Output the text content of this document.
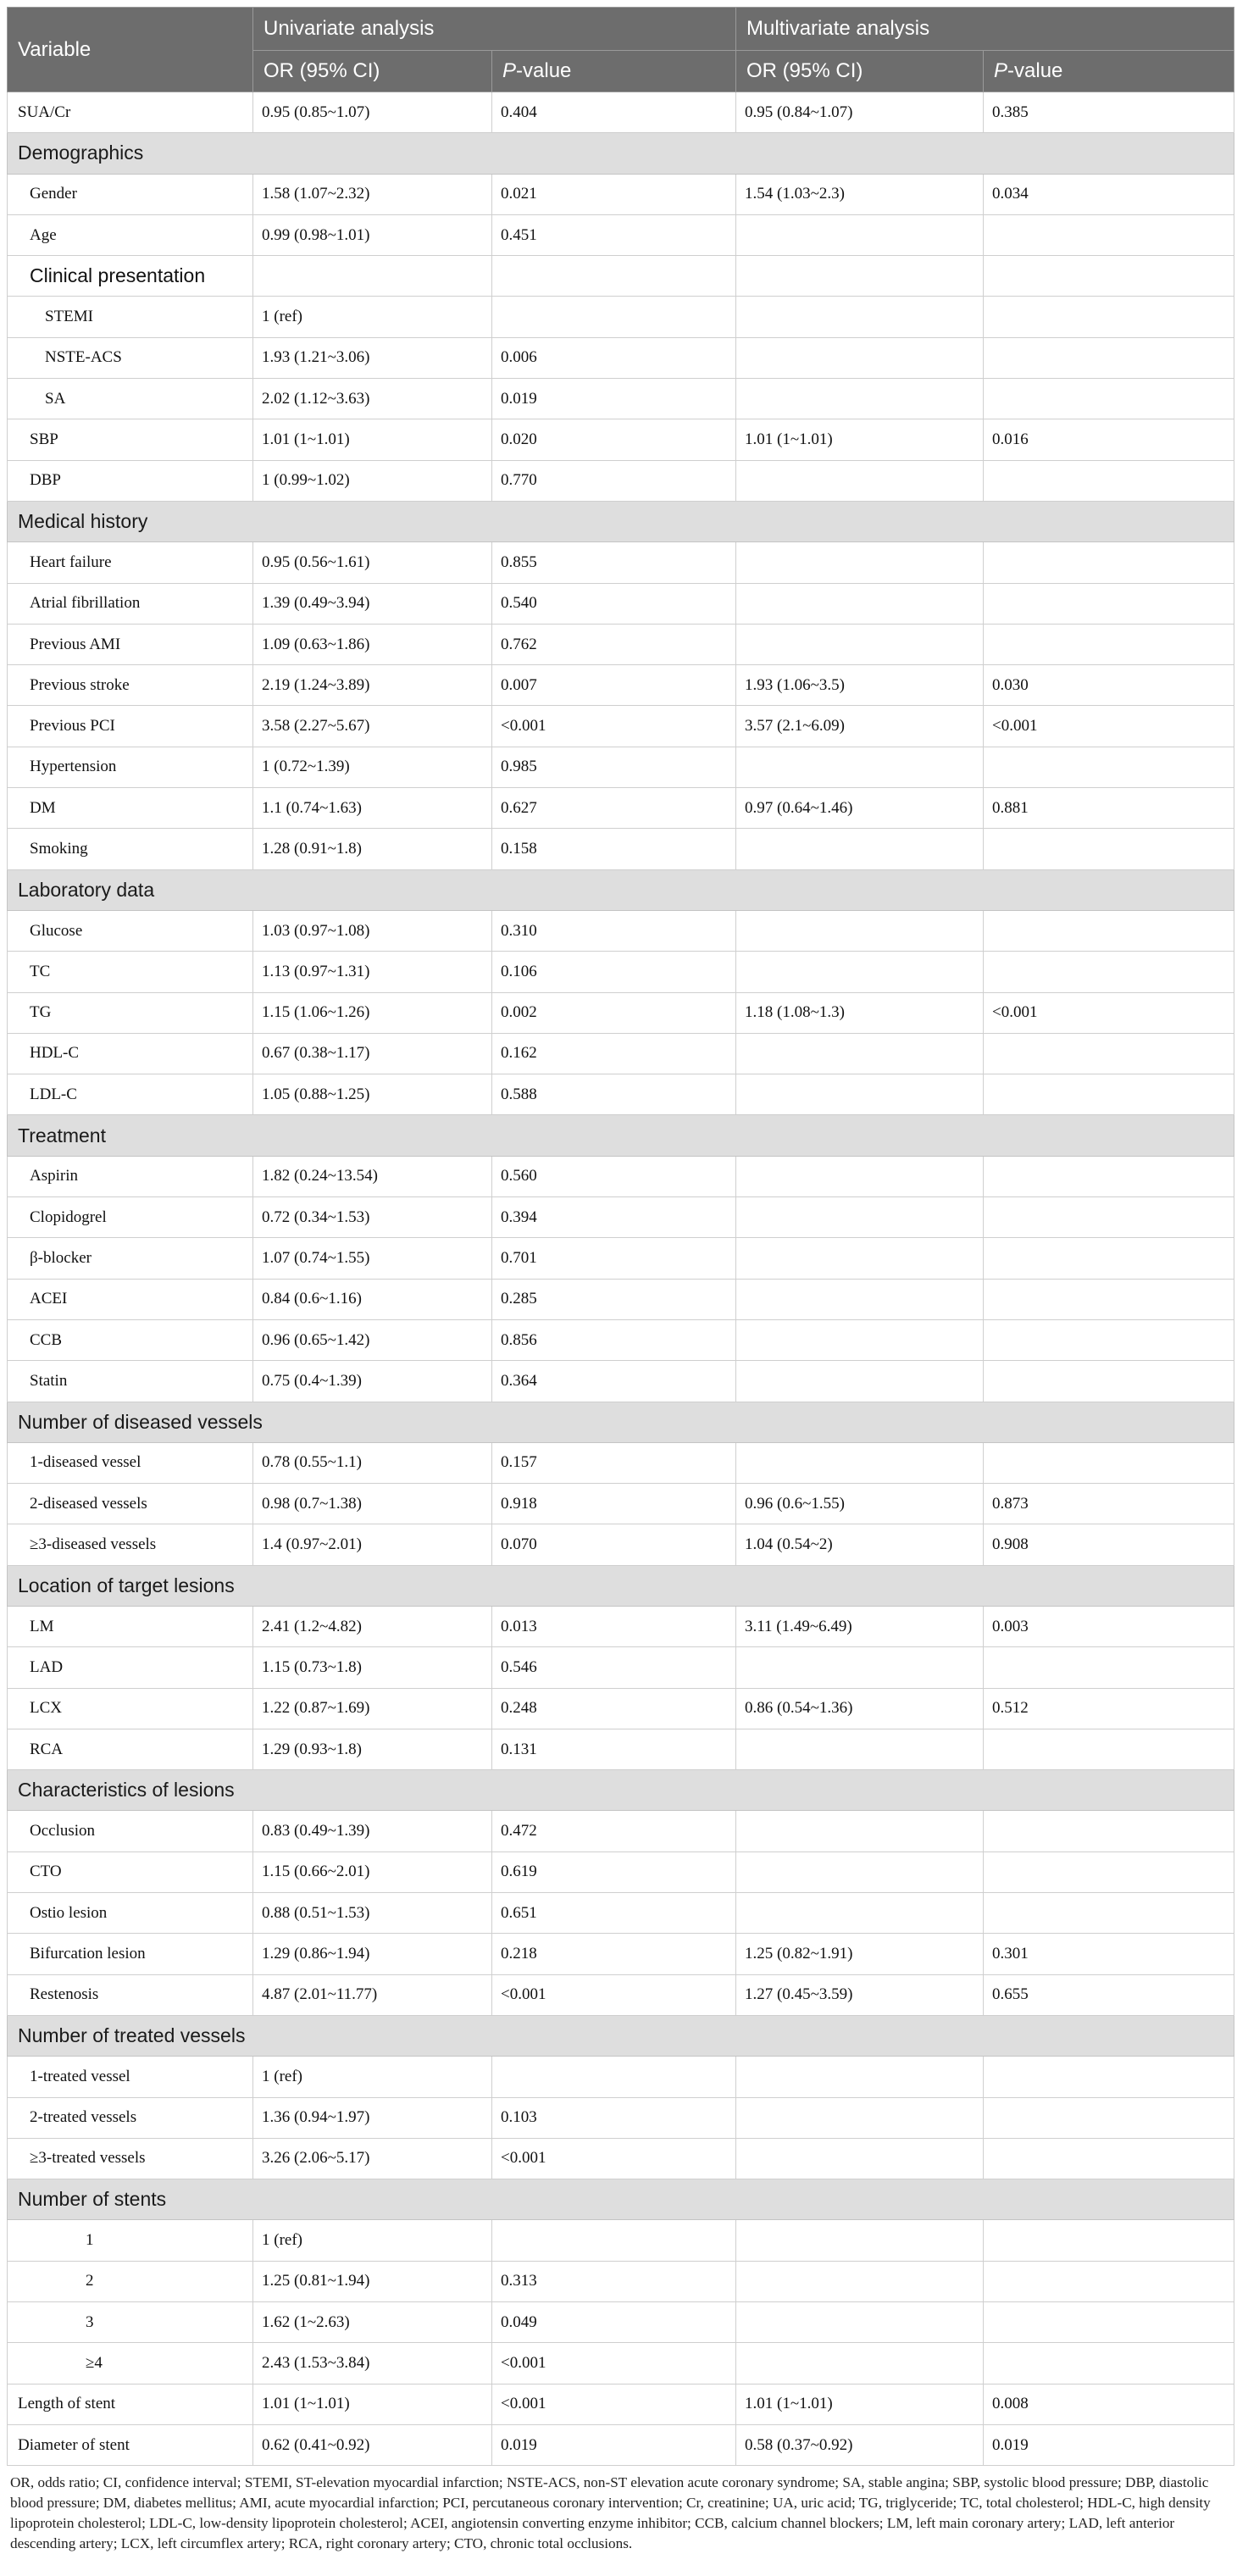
Variable	Univariate analysis		Multivariate analysis	
	OR (95% CI)	P-value	OR (95% CI)	P-value
SUA/Cr	0.95 (0.85~1.07)	0.404	0.95 (0.84~1.07)	0.385
Demographics				
Gender	1.58 (1.07~2.32)	0.021	1.54 (1.03~2.3)	0.034
Age	0.99 (0.98~1.01)	0.451		
Clinical presentation				
STEMI	1 (ref)			
NSTE-ACS	1.93 (1.21~3.06)	0.006		
SA	2.02 (1.12~3.63)	0.019		
SBP	1.01 (1~1.01)	0.020	1.01 (1~1.01)	0.016
DBP	1 (0.99~1.02)	0.770		
Medical history				
Heart failure	0.95 (0.56~1.61)	0.855		
Atrial fibrillation	1.39 (0.49~3.94)	0.540		
Previous AMI	1.09 (0.63~1.86)	0.762		
Previous stroke	2.19 (1.24~3.89)	0.007	1.93 (1.06~3.5)	0.030
Previous PCI	3.58 (2.27~5.67)	<0.001	3.57 (2.1~6.09)	<0.001
Hypertension	1 (0.72~1.39)	0.985		
DM	1.1 (0.74~1.63)	0.627	0.97 (0.64~1.46)	0.881
Smoking	1.28 (0.91~1.8)	0.158		
Laboratory data				
Glucose	1.03 (0.97~1.08)	0.310		
TC	1.13 (0.97~1.31)	0.106		
TG	1.15 (1.06~1.26)	0.002	1.18 (1.08~1.3)	<0.001
HDL-C	0.67 (0.38~1.17)	0.162		
LDL-C	1.05 (0.88~1.25)	0.588		
Treatment				
Aspirin	1.82 (0.24~13.54)	0.560		
Clopidogrel	0.72 (0.34~1.53)	0.394		
β-blocker	1.07 (0.74~1.55)	0.701		
ACEI	0.84 (0.6~1.16)	0.285		
CCB	0.96 (0.65~1.42)	0.856		
Statin	0.75 (0.4~1.39)	0.364		
Number of diseased vessels				
1-diseased vessel	0.78 (0.55~1.1)	0.157		
2-diseased vessels	0.98 (0.7~1.38)	0.918	0.96 (0.6~1.55)	0.873
≥3-diseased vessels	1.4 (0.97~2.01)	0.070	1.04 (0.54~2)	0.908
Location of target lesions				
LM	2.41 (1.2~4.82)	0.013	3.11 (1.49~6.49)	0.003
LAD	1.15 (0.73~1.8)	0.546		
LCX	1.22 (0.87~1.69)	0.248	0.86 (0.54~1.36)	0.512
RCA	1.29 (0.93~1.8)	0.131		
Characteristics of lesions				
Occlusion	0.83 (0.49~1.39)	0.472		
CTO	1.15 (0.66~2.01)	0.619		
Ostio lesion	0.88 (0.51~1.53)	0.651		
Bifurcation lesion	1.29 (0.86~1.94)	0.218	1.25 (0.82~1.91)	0.301
Restenosis	4.87 (2.01~11.77)	<0.001	1.27 (0.45~3.59)	0.655
Number of treated vessels				
1-treated vessel	1 (ref)			
2-treated vessels	1.36 (0.94~1.97)	0.103		
≥3-treated vessels	3.26 (2.06~5.17)	<0.001		
Number of stents				
1	1 (ref)			
2	1.25 (0.81~1.94)	0.313		
3	1.62 (1~2.63)	0.049		
≥4	2.43 (1.53~3.84)	<0.001		
Length of stent	1.01 (1~1.01)	<0.001	1.01 (1~1.01)	0.008
Diameter of stent	0.62 (0.41~0.92)	0.019	0.58 (0.37~0.92)	0.019
OR, odds ratio; CI, confidence interval; STEMI, ST-elevation myocardial infarction; NSTE-ACS, non-ST elevation acute coronary syndrome; SA, stable angina; SBP, systolic blood pressure; DBP, diastolic blood pressure; DM, diabetes mellitus; AMI, acute myocardial infarction; PCI, percutaneous coronary intervention; Cr, creatinine; UA, uric acid; TG, triglyceride; TC, total cholesterol; HDL-C, high density lipoprotein cholesterol; LDL-C, low-density lipoprotein cholesterol; ACEI, angiotensin converting enzyme inhibitor; CCB, calcium channel blockers; LM, left main coronary artery; LAD, left anterior descending artery; LCX, left circumflex artery; RCA, right coronary artery; CTO, chronic total occlusions.
